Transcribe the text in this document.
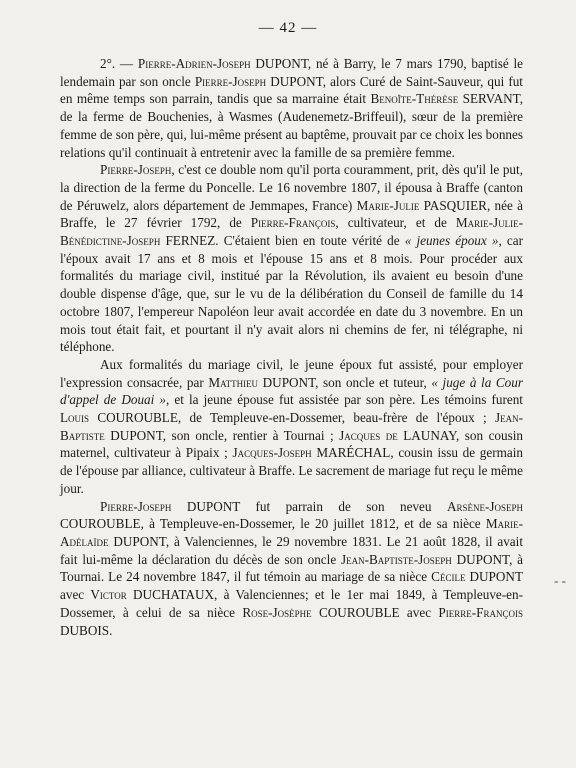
— 42 —

2°. — Pierre-Adrien-Joseph DUPONT, né à Barry, le 7 mars 1790, baptisé le lendemain par son oncle Pierre-Joseph DUPONT, alors Curé de Saint-Sauveur, qui fut en même temps son parrain, tandis que sa marraine était Benoîte-Thérèse SERVANT, de la ferme de Bouchenies, à Wasmes (Audenemetz-Briffeuil), sœur de la première femme de son père, qui, lui-même présent au baptême, prouvait par ce choix les bonnes relations qu'il continuait à entretenir avec la famille de sa première femme.

Pierre-Joseph, c'est ce double nom qu'il porta couramment, prit, dès qu'il le put, la direction de la ferme du Poncelle. Le 16 novembre 1807, il épousa à Braffe (canton de Péruwelz, alors département de Jemmapes, France) Marie-Julie PASQUIER, née à Braffe, le 27 février 1792, de Pierre-François, cultivateur, et de Marie-Julie-Bénédictine-Joseph FERNEZ. C'étaient bien en toute vérité de « jeunes époux », car l'époux avait 17 ans et 8 mois et l'épouse 15 ans et 8 mois. Pour procéder aux formalités du mariage civil, institué par la Révolution, ils avaient eu besoin d'une double dispense d'âge, que, sur le vu de la délibération du Conseil de famille du 14 octobre 1807, l'empereur Napoléon leur avait accordée en date du 3 novembre. En un mois tout était fait, et pourtant il n'y avait alors ni chemins de fer, ni télégraphe, ni téléphone.

Aux formalités du mariage civil, le jeune époux fut assisté, pour employer l'expression consacrée, par Matthieu DUPONT, son oncle et tuteur, « juge à la Cour d'appel de Douai », et la jeune épouse fut assistée par son père. Les témoins furent Louis COUROUBLE, de Templeuve-en-Dossemer, beau-frère de l'époux ; Jean-Baptiste DUPONT, son oncle, rentier à Tournai ; Jacques de LAUNAY, son cousin maternel, cultivateur à Pipaix ; Jacques-Joseph MARÉCHAL, cousin issu de germain de l'épouse par alliance, cultivateur à Braffe. Le sacrement de mariage fut reçu le même jour.

Pierre-Joseph DUPONT fut parrain de son neveu Arsène-Joseph COUROUBLE, à Templeuve-en-Dossemer, le 20 juillet 1812, et de sa nièce Marie-Adélaïde DUPONT, à Valenciennes, le 29 novembre 1831. Le 21 août 1828, il avait fait lui-même la déclaration du décès de son oncle Jean-Baptiste-Joseph DUPONT, à Tournai. Le 24 novembre 1847, il fut témoin au mariage de sa nièce Cécile DUPONT avec Victor DUCHATAUX, à Valenciennes; et le 1er mai 1849, à Templeuve-en-Dossemer, à celui de sa nièce Rose-Josèphe COUROUBLE avec Pierre-François DUBOIS.

- -
